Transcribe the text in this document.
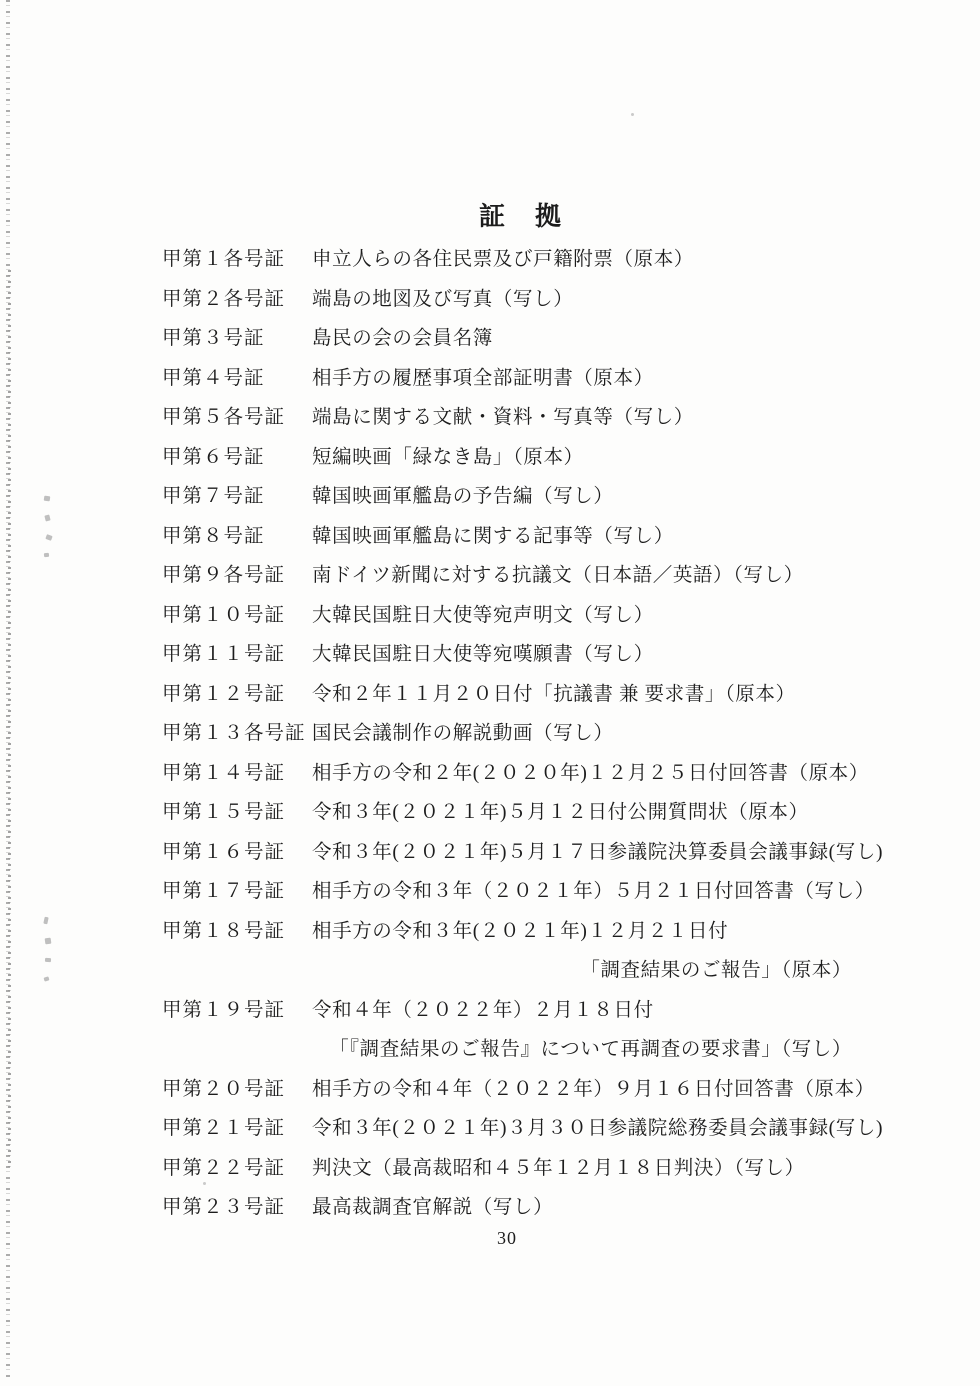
証　拠
甲第１各号証 申立人らの各住民票及び戸籍附票（原本）
甲第２各号証 端島の地図及び写真（写し）
甲第３号証 島民の会の会員名簿
甲第４号証 相手方の履歴事項全部証明書（原本）
甲第５各号証 端島に関する文献・資料・写真等（写し）
甲第６号証 短編映画「緑なき島」（原本）
甲第７号証 韓国映画軍艦島の予告編（写し）
甲第８号証 韓国映画軍艦島に関する記事等（写し）
甲第９各号証 南ドイツ新聞に対する抗議文（日本語／英語）（写し）
甲第１０号証 大韓民国駐日大使等宛声明文（写し）
甲第１１号証 大韓民国駐日大使等宛嘆願書（写し）
甲第１２号証 令和２年１１月２０日付「抗議書 兼 要求書」（原本）
甲第１３各号証 国民会議制作の解説動画（写し）
甲第１４号証 相手方の令和２年(２０２０年)１２月２５日付回答書（原本）
甲第１５号証 令和３年(２０２１年)５月１２日付公開質問状（原本）
甲第１６号証 令和３年(２０２１年)５月１７日参議院決算委員会議事録(写し)
甲第１７号証 相手方の令和３年（２０２１年）５月２１日付回答書（写し）
甲第１８号証 相手方の令和３年(２０２１年)１２月２１日付
「調査結果のご報告」（原本）
甲第１９号証 令和４年（２０２２年）２月１８日付
「『調査結果のご報告』について再調査の要求書」（写し）
甲第２０号証 相手方の令和４年（２０２２年）９月１６日付回答書（原本）
甲第２１号証 令和３年(２０２１年)３月３０日参議院総務委員会議事録(写し)
甲第２２号証 判決文（最高裁昭和４５年１２月１８日判決）（写し）
甲第２３号証 最高裁調査官解説（写し）
30
